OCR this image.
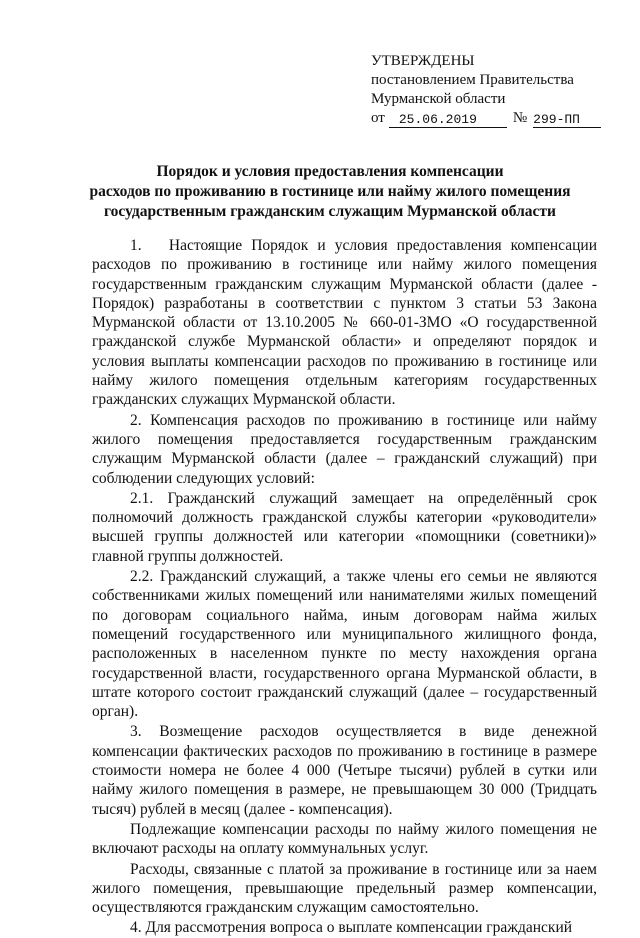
УТВЕРЖДЕНЫ
постановлением Правительства
Мурманской области
от	25.06.2019	№ 299-ПП
Порядок и условия предоставления компенсации
расходов по проживанию в гостинице или найму жилого помещения
государственным гражданским служащим Мурманской области

1.   Настоящие Порядок и условия предоставления компенсации расходов по проживанию в гостинице или найму жилого помещения государственным гражданским служащим Мурманской области (далее - Порядок) разработаны в соответствии с пунктом 3 статьи 53 Закона Мурманской области от 13.10.2005 № 660-01-ЗМО «О государственной гражданской службе Мурманской области» и определяют порядок и условия выплаты компенсации расходов по проживанию в гостинице или найму жилого помещения отдельным категориям государственных гражданских служащих Мурманской области.

2. Компенсация расходов по проживанию в гостинице или найму жилого помещения предоставляется государственным гражданским служащим Мурманской области (далее – гражданский служащий) при соблюдении следующих условий:

2.1. Гражданский служащий замещает на определённый срок полномочий должность гражданской службы категории «руководители» высшей группы должностей или категории «помощники (советники)» главной группы должностей.

2.2. Гражданский служащий, а также члены его семьи не являются собственниками жилых помещений или нанимателями жилых помещений по договорам социального найма, иным договорам найма жилых помещений государственного или муниципального жилищного фонда, расположенных в населенном пункте по месту нахождения органа государственной власти, государственного органа Мурманской области, в штате которого состоит гражданский служащий (далее – государственный орган).

3. Возмещение расходов осуществляется в виде денежной компенсации фактических расходов по проживанию в гостинице в размере стоимости номера не более 4 000 (Четыре тысячи) рублей в сутки или найму жилого помещения в размере, не превышающем 30 000 (Тридцать тысяч) рублей в месяц (далее - компенсация).

Подлежащие компенсации расходы по найму жилого помещения не включают расходы на оплату коммунальных услуг.

Расходы, связанные с платой за проживание в гостинице или за наем жилого помещения, превышающие предельный размер компенсации, осуществляются гражданским служащим самостоятельно.

4. Для рассмотрения вопроса о выплате компенсации гражданский
